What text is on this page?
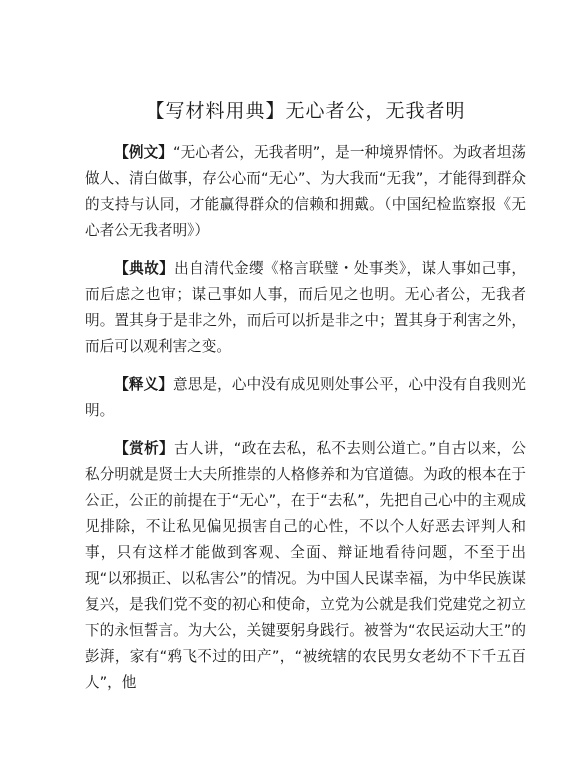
【写材料用典】无心者公，无我者明

【例文】“无心者公，无我者明”，是一种境界情怀。为政者坦荡做人、清白做事，存公心而“无心”、为大我而“无我”，才能得到群众的支持与认同，才能赢得群众的信赖和拥戴。（中国纪检监察报《无心者公无我者明》）

【典故】出自清代金缨《格言联璧・处事类》，谋人事如己事，而后虑之也审；谋己事如人事，而后见之也明。无心者公，无我者明。置其身于是非之外，而后可以折是非之中；置其身于利害之外，而后可以观利害之变。

【释义】意思是，心中没有成见则处事公平，心中没有自我则光明。

【赏析】古人讲，“政在去私，私不去则公道亡。”自古以来，公私分明就是贤士大夫所推崇的人格修养和为官道德。为政的根本在于公正，公正的前提在于“无心”，在于“去私”，先把自己心中的主观成见排除，不让私见偏见损害自己的心性，不以个人好恶去评判人和事，只有这样才能做到客观、全面、辩证地看待问题，不至于出现“以邪损正、以私害公”的情况。为中国人民谋幸福，为中华民族谋复兴，是我们党不变的初心和使命，立党为公就是我们党建党之初立下的永恒誓言。为大公，关键要躬身践行。被誉为“农民运动大王”的彭湃，家有“鸦飞不过的田产”，“被统辖的农民男女老幼不下千五百人”，他
